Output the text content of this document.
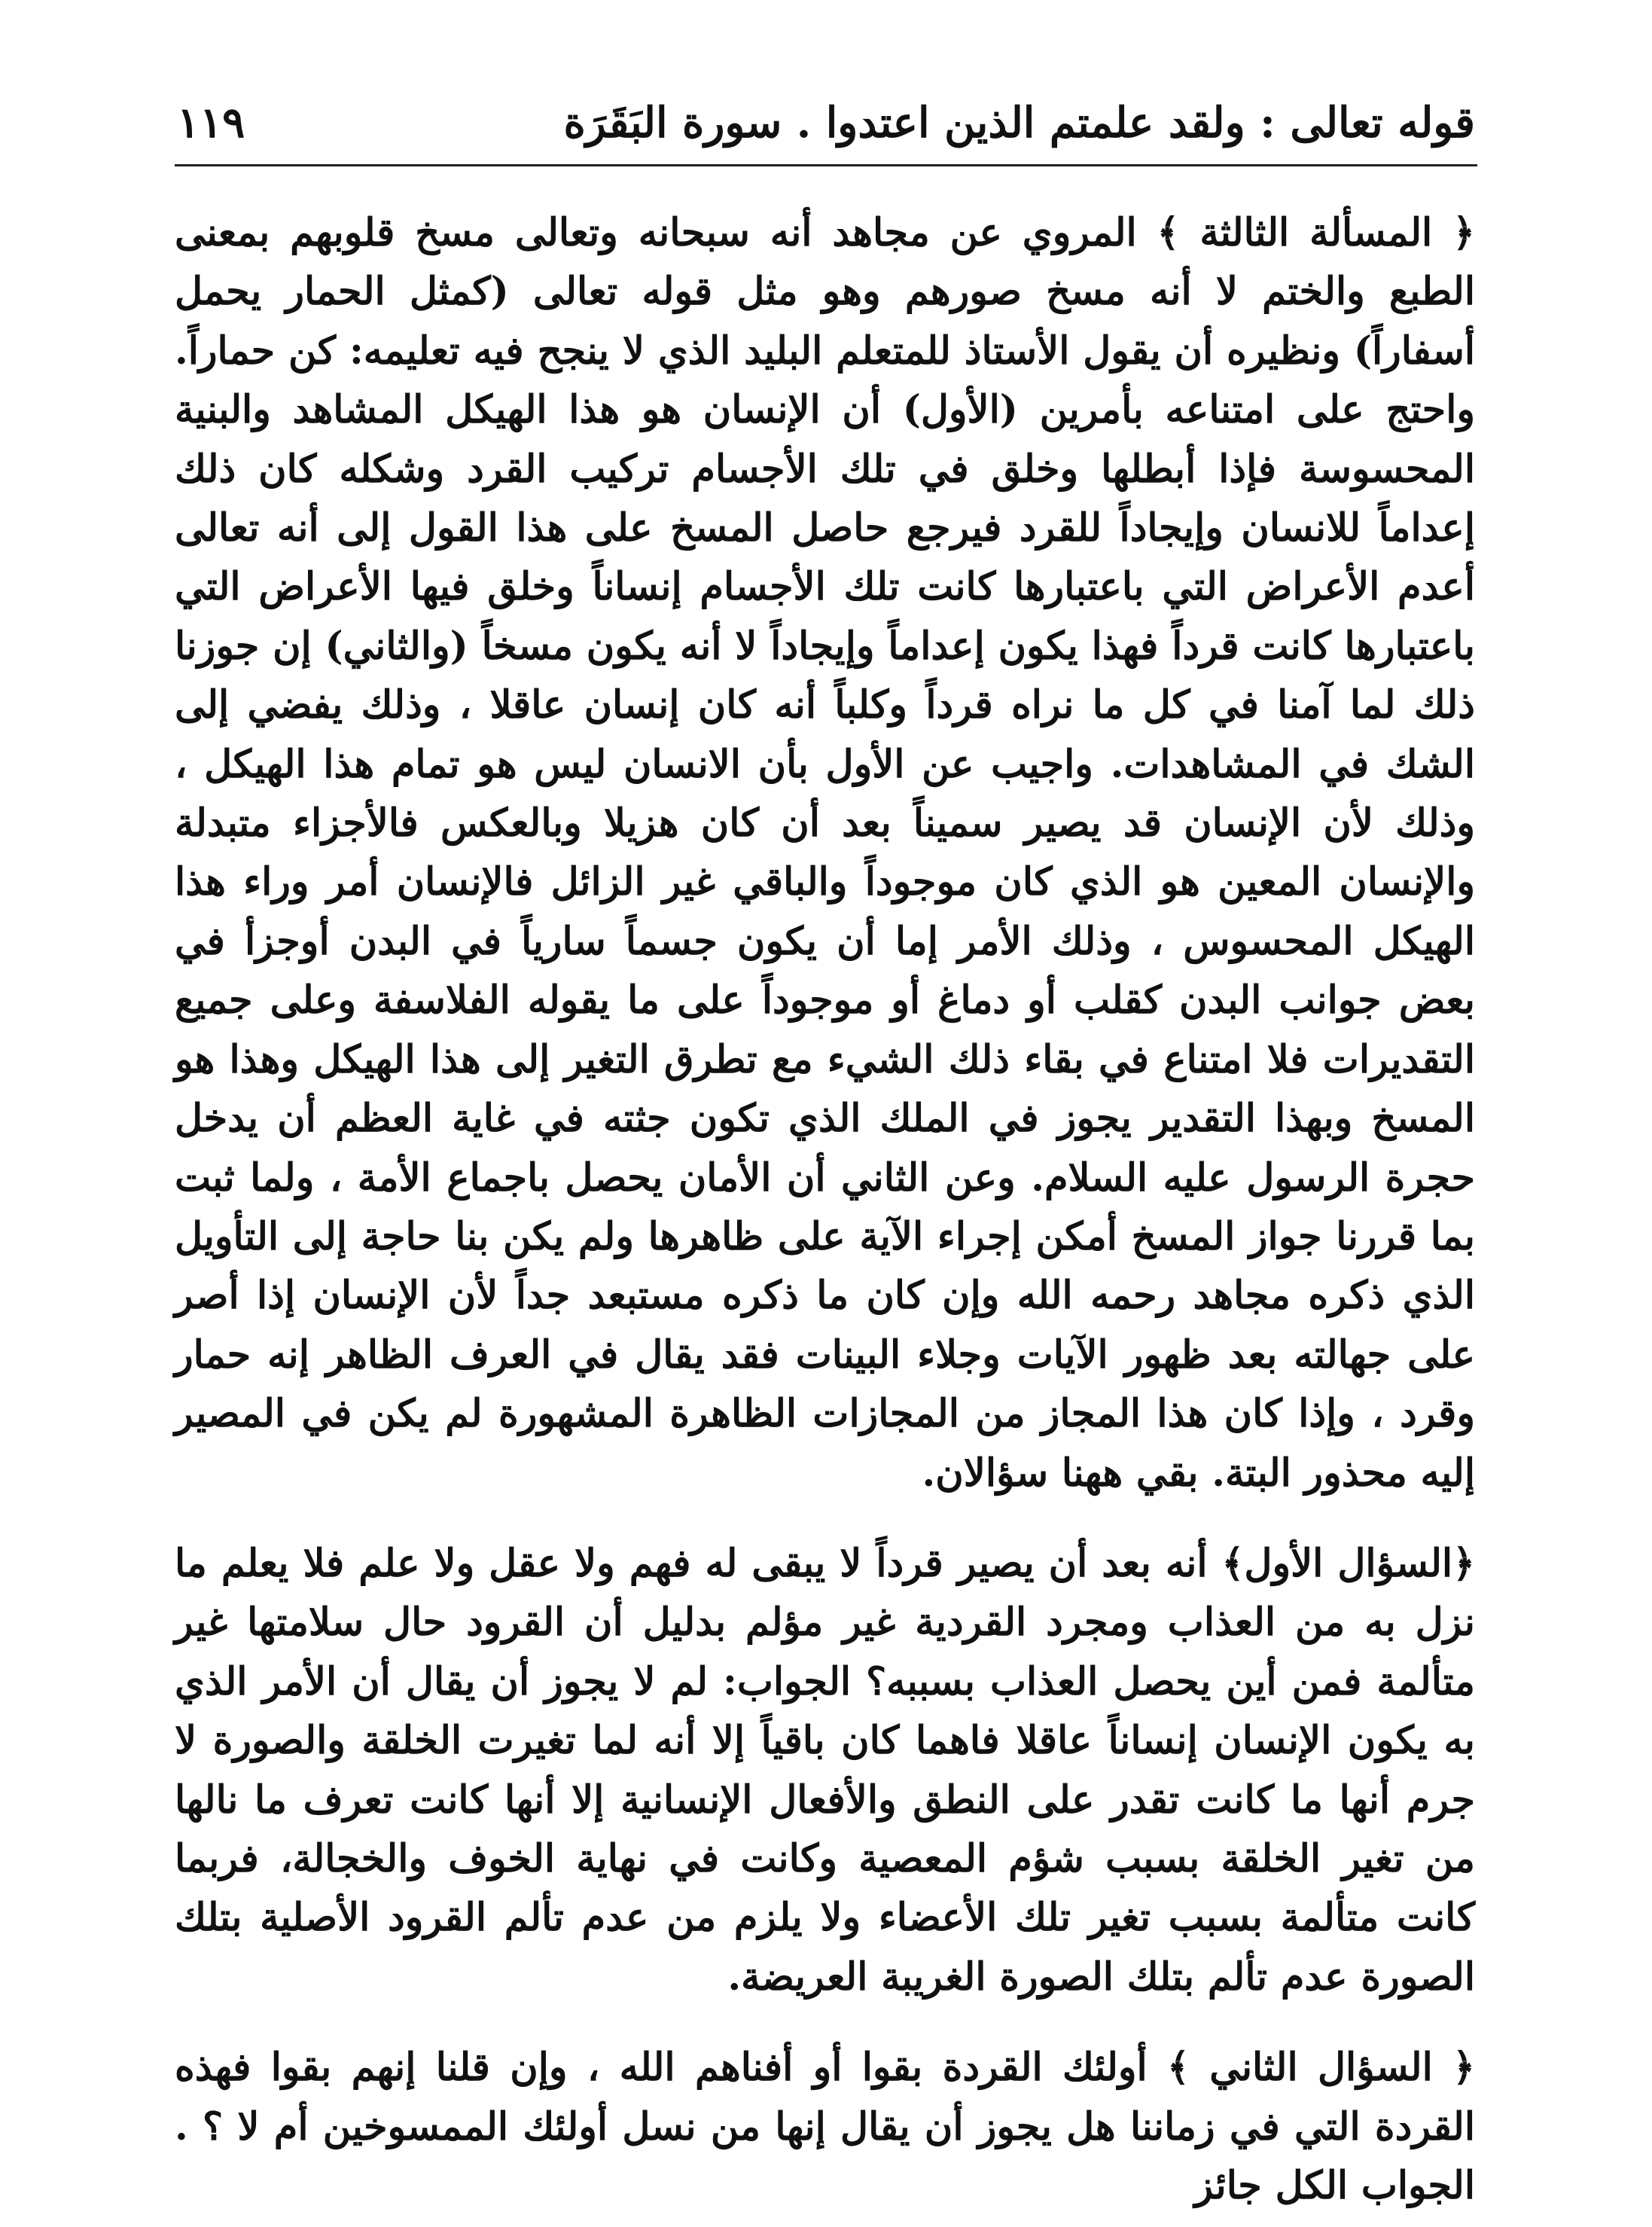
قوله تعالى : ولقد علمتم الذين اعتدوا . سورة البَقَرَة
١١٩

﴿ المسألة الثالثة ﴾ المروي عن مجاهد أنه سبحانه وتعالى مسخ قلوبهم بمعنى الطبع والختم لا أنه مسخ صورهم وهو مثل قوله تعالى (كمثل الحمار يحمل أسفاراً) ونظيره أن يقول الأستاذ للمتعلم البليد الذي لا ينجح فيه تعليمه: كن حماراً. واحتج على امتناعه بأمرين (الأول) أن الإنسان هو هذا الهيكل المشاهد والبنية المحسوسة فإذا أبطلها وخلق في تلك الأجسام تركيب القرد وشكله كان ذلك إعداماً للانسان وإيجاداً للقرد فيرجع حاصل المسخ على هذا القول إلى أنه تعالى أعدم الأعراض التي باعتبارها كانت تلك الأجسام إنساناً وخلق فيها الأعراض التي باعتبارها كانت قرداً فهذا يكون إعداماً وإيجاداً لا أنه يكون مسخاً (والثاني) إن جوزنا ذلك لما آمنا في كل ما نراه قرداً وكلباً أنه كان إنسان عاقلا ، وذلك يفضي إلى الشك في المشاهدات. واجيب عن الأول بأن الانسان ليس هو تمام هذا الهيكل ، وذلك لأن الإنسان قد يصير سميناً بعد أن كان هزيلا وبالعكس فالأجزاء متبدلة والإنسان المعين هو الذي كان موجوداً والباقي غير الزائل فالإنسان أمر وراء هذا الهيكل المحسوس ، وذلك الأمر إما أن يكون جسماً سارياً في البدن أوجزأ في بعض جوانب البدن كقلب أو دماغ أو موجوداً على ما يقوله الفلاسفة وعلى جميع التقديرات فلا امتناع في بقاء ذلك الشيء مع تطرق التغير إلى هذا الهيكل وهذا هو المسخ وبهذا التقدير يجوز في الملك الذي تكون جثته في غاية العظم أن يدخل حجرة الرسول عليه السلام. وعن الثاني أن الأمان يحصل باجماع الأمة ، ولما ثبت بما قررنا جواز المسخ أمكن إجراء الآية على ظاهرها ولم يكن بنا حاجة إلى التأويل الذي ذكره مجاهد رحمه الله وإن كان ما ذكره مستبعد جداً لأن الإنسان إذا أصر على جهالته بعد ظهور الآيات وجلاء البينات فقد يقال في العرف الظاهر إنه حمار وقرد ، وإذا كان هذا المجاز من المجازات الظاهرة المشهورة لم يكن في المصير إليه محذور البتة. بقي ههنا سؤالان.

﴿السؤال الأول﴾ أنه بعد أن يصير قرداً لا يبقى له فهم ولا عقل ولا علم فلا يعلم ما نزل به من العذاب ومجرد القردية غير مؤلم بدليل أن القرود حال سلامتها غير متألمة فمن أين يحصل العذاب بسببه؟ الجواب: لم لا يجوز أن يقال أن الأمر الذي به يكون الإنسان إنساناً عاقلا فاهما كان باقياً إلا أنه لما تغيرت الخلقة والصورة لا جرم أنها ما كانت تقدر على النطق والأفعال الإنسانية إلا أنها كانت تعرف ما نالها من تغير الخلقة بسبب شؤم المعصية وكانت في نهاية الخوف والخجالة، فربما كانت متألمة بسبب تغير تلك الأعضاء ولا يلزم من عدم تألم القرود الأصلية بتلك الصورة عدم تألم بتلك الصورة الغريبة العريضة.

﴿ السؤال الثاني ﴾ أولئك القردة بقوا أو أفناهم الله ، وإن قلنا إنهم بقوا فهذه القردة التي في زماننا هل يجوز أن يقال إنها من نسل أولئك الممسوخين أم لا ؟ . الجواب الكل جائز
